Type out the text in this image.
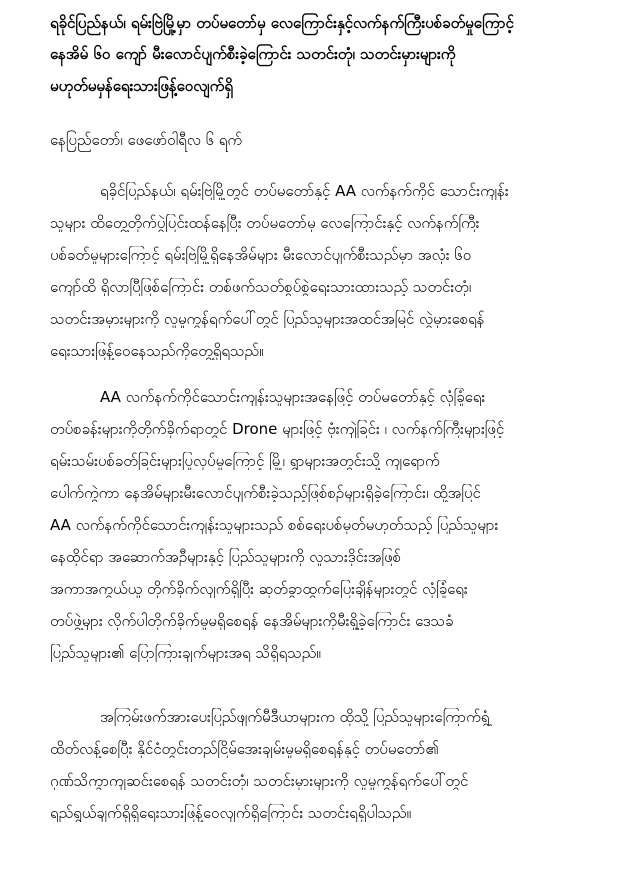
ရခိုင်ပြည်နယ်၊ ရမ်းဗြဲမြို့မှာ တပ်မတော်မှ လေကြောင်းနှင့်လက်နက်ကြီးပစ်ခတ်မှုကြောင့်
နေအိမ် ၆၀ ကျော် မီးလောင်ပျက်စီးခဲ့ကြောင်း သတင်းတုံ၊ သတင်းမှားများကို
မဟုတ်မမှန်ရေးသားဖြန့်ဝေလျက်ရှိ
နေပြည်တော်၊ ဖေဖော်ဝါရီလ ၆ ရက်
ရခိုင်ပြည်နယ်၊ ရမ်းဗြဲမြို့တွင် တပ်မတော်နှင့် AA လက်နက်ကိုင် သောင်းကျန်း
သူများ ထိတွေ့တိုက်ပွဲပြင်းထန်နေပြီး တပ်မတော်မှ လေကြောင်းနှင့် လက်နက်ကြီး
ပစ်ခတ်မှုများကြောင့် ရမ်းဗြဲမြို့ရှိနေအိမ်များ မီးလောင်ပျက်စီးသည်မှာ အလုံး ၆၀
ကျော်ထိ ရှိလာပြီဖြစ်ကြောင်း တစ်ဖက်သတ်စွပ်စွဲရေးသားထားသည့် သတင်းတုံ၊
သတင်းအမှားများကို လူမှုကွန်ရက်ပေါ်တွင် ပြည်သူများအထင်အမြင် လွဲမှားစေရန်
ရေးသားဖြန့်ဝေနေသည်ကိုတွေ့ရှိရသည်။
AA လက်နက်ကိုင်သောင်းကျန်းသူများအနေဖြင့် တပ်မတော်နှင့် လုံခြုံရေး
တပ်စခန်းများကိုတိုက်ခိုက်ရာတွင် Drone များဖြင့် ဗုံးကျဲခြင်း ၊ လက်နက်ကြီးများဖြင့်
ရမ်းသမ်းပစ်ခတ်ခြင်းများပြုလုပ်မှုကြောင့် မြို့၊ ရွာများအတွင်းသို့ ကျရောက်
ပေါက်ကွဲကာ နေအိမ်များမီးလောင်ပျက်စီးခဲ့သည့်ဖြစ်စဉ်များရှိခဲ့ကြောင်း၊ ထို့အပြင်
AA လက်နက်ကိုင်သောင်းကျန်းသူများသည် စစ်ရေးပစ်မှတ်မဟုတ်သည့် ပြည်သူများ
နေထိုင်ရာ အဆောက်အဦများနှင့် ပြည်သူများကို လူသားဒိုင်းအဖြစ်
အကာအကွယ်ယူ တိုက်ခိုက်လျက်ရှိပြီး ဆုတ်ခွာထွက်ပြေးချိန်များတွင် လုံခြုံရေး
တပ်ဖွဲ့များ လိုက်ပါတိုက်ခိုက်မှုမရှိစေရန် နေအိမ်များကိုမီးရှို့ခဲ့ကြောင်း ဒေသခံ
ပြည်သူများ၏ ပြောကြားချက်များအရ သိရှိရသည်။
အကြမ်းဖက်အားပေးပြည်ဖျက်မီဒီယာများက ထိုသို့ ပြည်သူများကြောက်ရွံ့
ထိတ်လန့်စေပြီး နိုင်ငံတွင်းတည်ငြိမ်အေးချမ်းမှုမရှိစေရန်နှင့် တပ်မတော်၏
ဂုဏ်သိက္ခာကျဆင်းစေရန် သတင်းတုံ၊ သတင်းမှားများကို လူမှုကွန်ရက်ပေါ်တွင်
ရည်ရွယ်ချက်ရှိရှိရေးသားဖြန့်ဝေလျက်ရှိကြောင်း သတင်းရရှိပါသည်။
